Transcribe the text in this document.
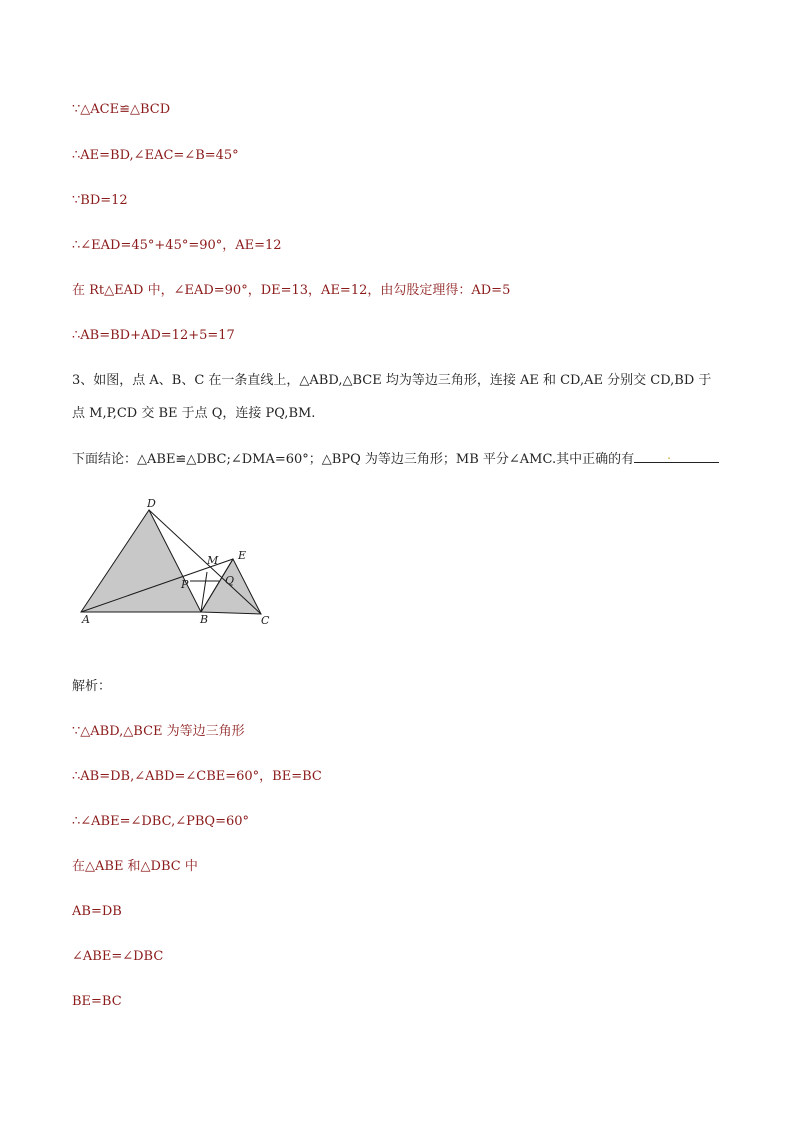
∵△ACE≌△BCD
∴AE=BD,∠EAC=∠B=45°
∵BD=12
∴∠EAD=45°+45°=90°，AE=12
在 Rt△EAD 中，∠EAD=90°，DE=13，AE=12，由勾股定理得：AD=5
∴AB=BD+AD=12+5=17
3、如图，点 A、B、C 在一条直线上，△ABD,△BCE 均为等边三角形，连接 AE 和 CD,AE 分别交 CD,BD 于
点 M,P,CD 交 BE 于点 Q，连接 PQ,BM.
下面结论：△ABE≌△DBC;∠DMA=60°；△BPQ 为等边三角形；MB 平分∠AMC.其中正确的有	.
A	B	C
D
E
M
P	Q
解析：
∵△ABD,△BCE 为等边三角形
∴AB=DB,∠ABD=∠CBE=60°，BE=BC
∴∠ABE=∠DBC,∠PBQ=60°
在△ABE 和△DBC 中
AB=DB
∠ABE=∠DBC
BE=BC
